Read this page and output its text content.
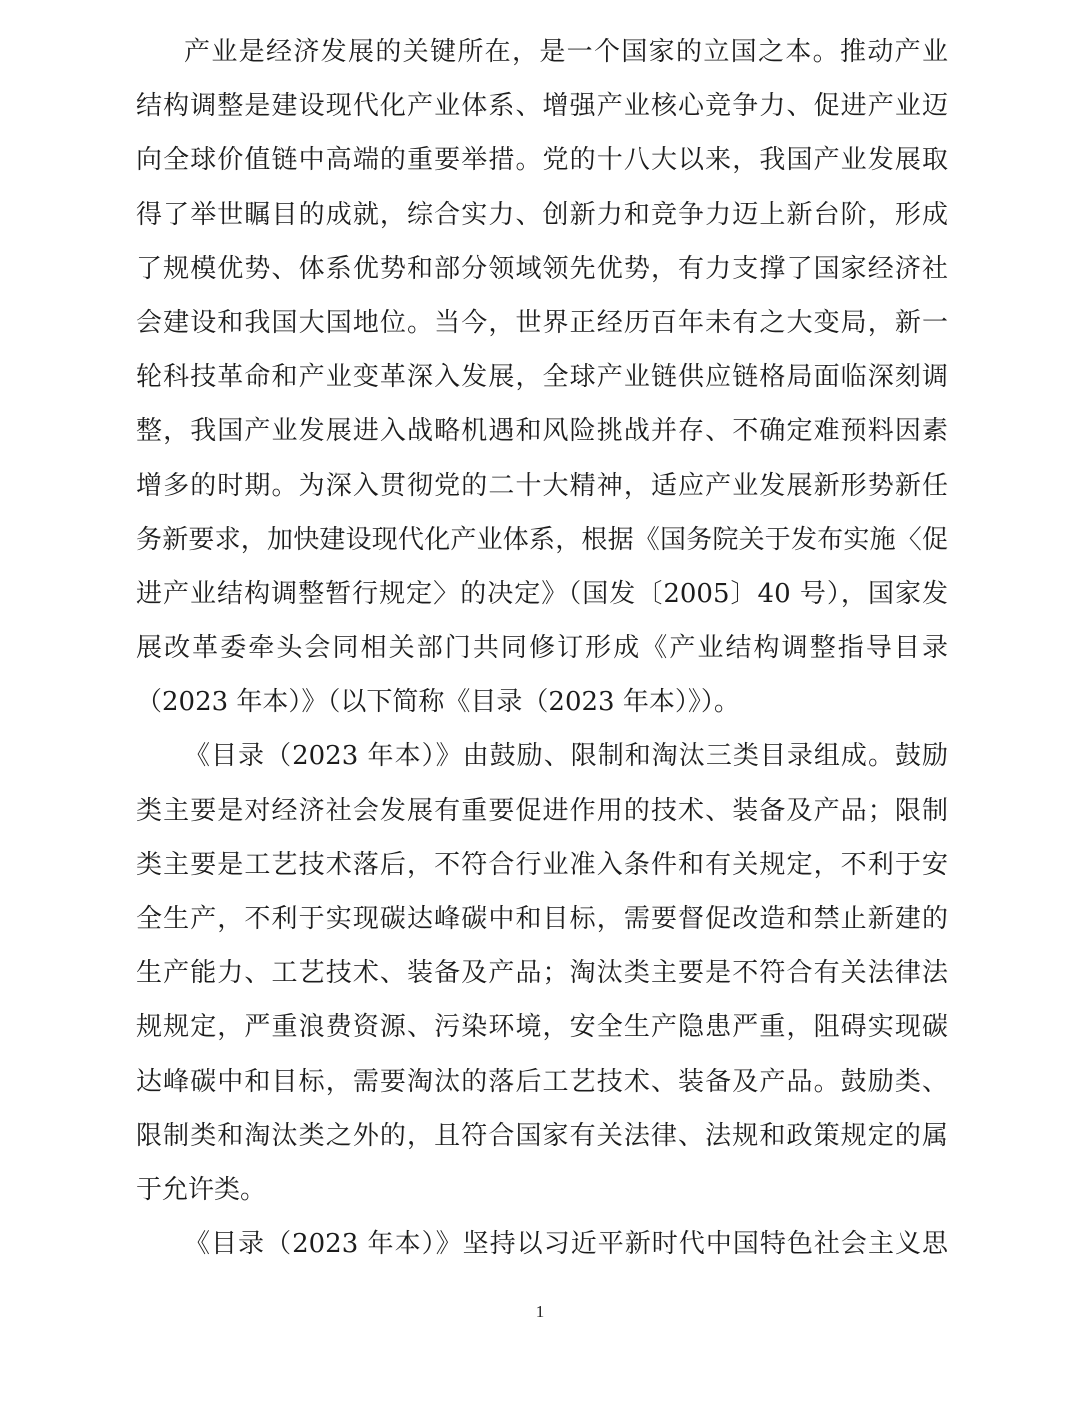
产业是经济发展的关键所在，是一个国家的立国之本。推动产业
结构调整是建设现代化产业体系、增强产业核心竞争力、促进产业迈
向全球价值链中高端的重要举措。党的十八大以来，我国产业发展取
得了举世瞩目的成就，综合实力、创新力和竞争力迈上新台阶，形成
了规模优势、体系优势和部分领域领先优势，有力支撑了国家经济社
会建设和我国大国地位。当今，世界正经历百年未有之大变局，新一
轮科技革命和产业变革深入发展，全球产业链供应链格局面临深刻调
整，我国产业发展进入战略机遇和风险挑战并存、不确定难预料因素
增多的时期。为深入贯彻党的二十大精神，适应产业发展新形势新任
务新要求，加快建设现代化产业体系，根据《国务院关于发布实施〈促
进产业结构调整暂行规定〉的决定》（国发〔2005〕40 号），国家发
展改革委牵头会同相关部门共同修订形成《产业结构调整指导目录
（2023 年本）》（以下简称《目录（2023 年本）》）。
《目录（2023 年本）》由鼓励、限制和淘汰三类目录组成。鼓励
类主要是对经济社会发展有重要促进作用的技术、装备及产品；限制
类主要是工艺技术落后，不符合行业准入条件和有关规定，不利于安
全生产，不利于实现碳达峰碳中和目标，需要督促改造和禁止新建的
生产能力、工艺技术、装备及产品；淘汰类主要是不符合有关法律法
规规定，严重浪费资源、污染环境，安全生产隐患严重，阻碍实现碳
达峰碳中和目标，需要淘汰的落后工艺技术、装备及产品。鼓励类、
限制类和淘汰类之外的，且符合国家有关法律、法规和政策规定的属
于允许类。
《目录（2023 年本）》坚持以习近平新时代中国特色社会主义思
1
